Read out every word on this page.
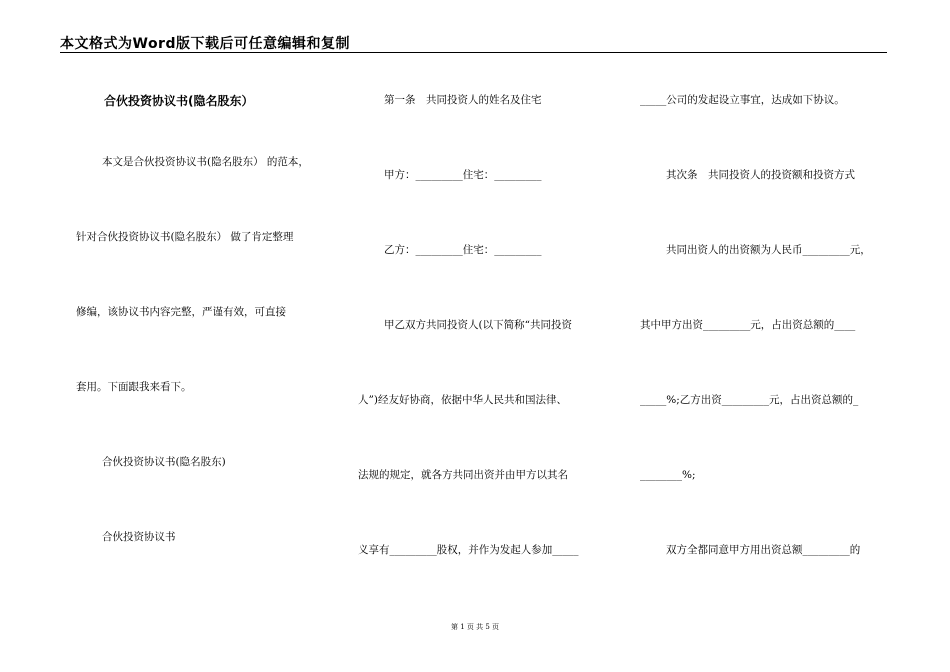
本文格式为Word版下载后可任意编辑和复制
合伙投资协议书(隐名股东）
本文是合伙投资协议书(隐名股东） 的范本，
针对合伙投资协议书(隐名股东） 做了肯定整理
修编，该协议书内容完整，严谨有效，可直接
套用。下面跟我来看下。
合伙投资协议书(隐名股东)
合伙投资协议书
第一条　共同投资人的姓名及住宅
甲方：_________住宅：_________
乙方：_________住宅：_________
甲乙双方共同投资人(以下简称“共同投资
人”)经友好协商，依据中华人民共和国法律、
法规的规定，就各方共同出资并由甲方以其名
义享有_________股权，并作为发起人参加_____
_____公司的发起设立事宜，达成如下协议。
其次条　共同投资人的投资额和投资方式
共同出资人的出资额为人民币_________元，
其中甲方出资_________元，占出资总额的____
_____%;乙方出资_________元，占出资总额的_
________%;
双方全都同意甲方用出资总额_________的
第 1 页 共 5 页
